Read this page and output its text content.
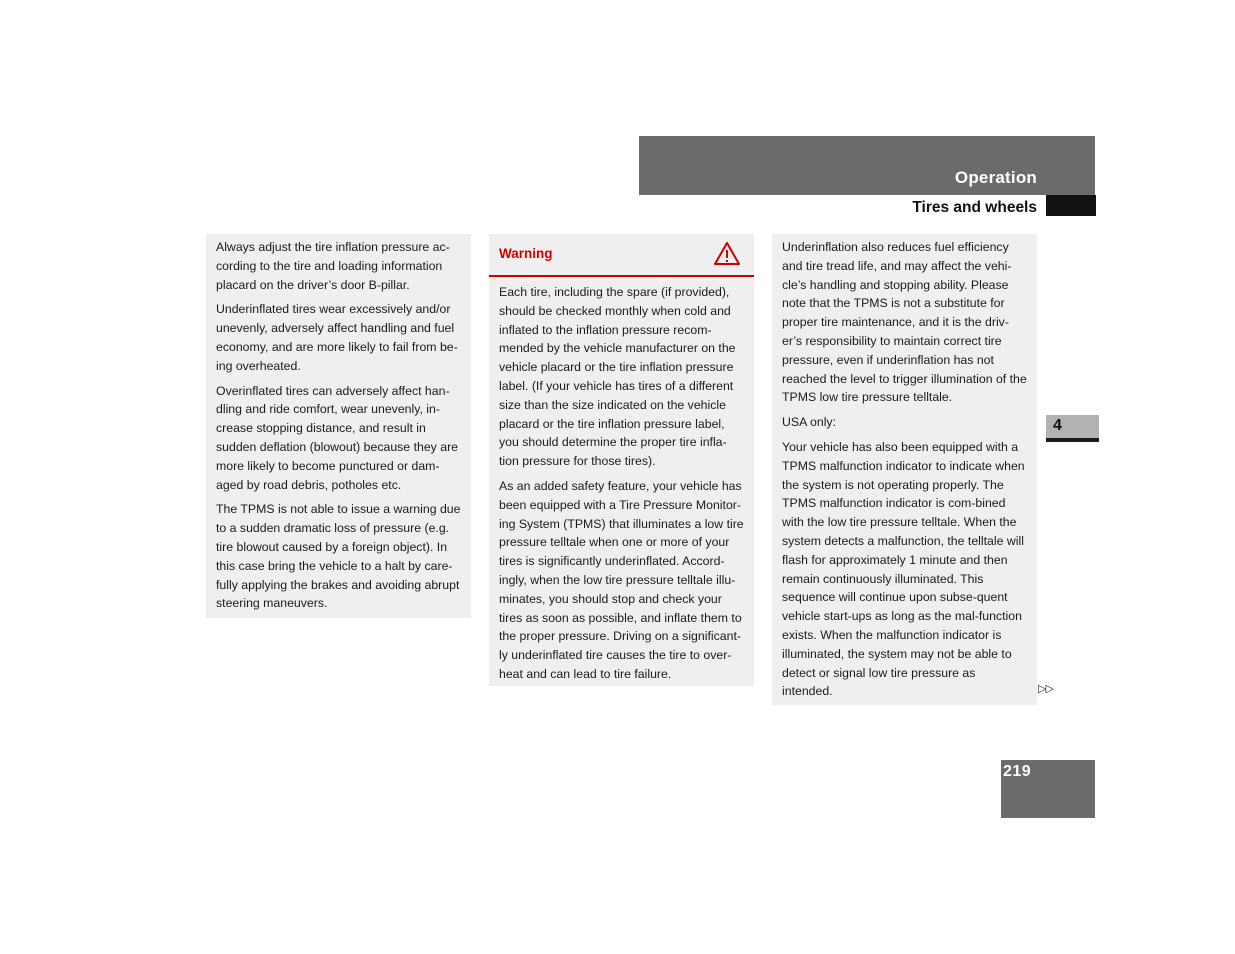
Operation
Tires and wheels
4

Always adjust the tire inflation pressure ac-cording to the tire and loading information placard on the driver’s door B-pillar.

Underinflated tires wear excessively and/or unevenly, adversely affect handling and fuel economy, and are more likely to fail from be-ing overheated.

Overinflated tires can adversely affect han-dling and ride comfort, wear unevenly, in-crease stopping distance, and result in sudden deflation (blowout) because they are more likely to become punctured or dam-aged by road debris, potholes etc.

The TPMS is not able to issue a warning due to a sudden dramatic loss of pressure (e.g. tire blowout caused by a foreign object). In this case bring the vehicle to a halt by care-fully applying the brakes and avoiding abrupt steering maneuvers.

Warning

Each tire, including the spare (if provided), should be checked monthly when cold and inflated to the inflation pressure recom-mended by the vehicle manufacturer on the vehicle placard or the tire inflation pressure label. (If your vehicle has tires of a different size than the size indicated on the vehicle placard or the tire inflation pressure label, you should determine the proper tire infla-tion pressure for those tires).

As an added safety feature, your vehicle has been equipped with a Tire Pressure Monitor-ing System (TPMS) that illuminates a low tire pressure telltale when one or more of your tires is significantly underinflated. Accord-ingly, when the low tire pressure telltale illu-minates, you should stop and check your tires as soon as possible, and inflate them to the proper pressure. Driving on a significant-ly underinflated tire causes the tire to over-heat and can lead to tire failure.

Underinflation also reduces fuel efficiency and tire tread life, and may affect the vehi-cle’s handling and stopping ability. Please note that the TPMS is not a substitute for proper tire maintenance, and it is the driv-er’s responsibility to maintain correct tire pressure, even if underinflation has not reached the level to trigger illumination of the TPMS low tire pressure telltale.

USA only:

Your vehicle has also been equipped with a TPMS malfunction indicator to indicate when the system is not operating properly. The TPMS malfunction indicator is com-bined with the low tire pressure telltale. When the system detects a malfunction, the telltale will flash for approximately 1 minute and then remain continuously illuminated. This sequence will continue upon subse-quent vehicle start-ups as long as the mal-function exists. When the malfunction indicator is illuminated, the system may not be able to detect or signal low tire pressure as intended.	▷▷
219
